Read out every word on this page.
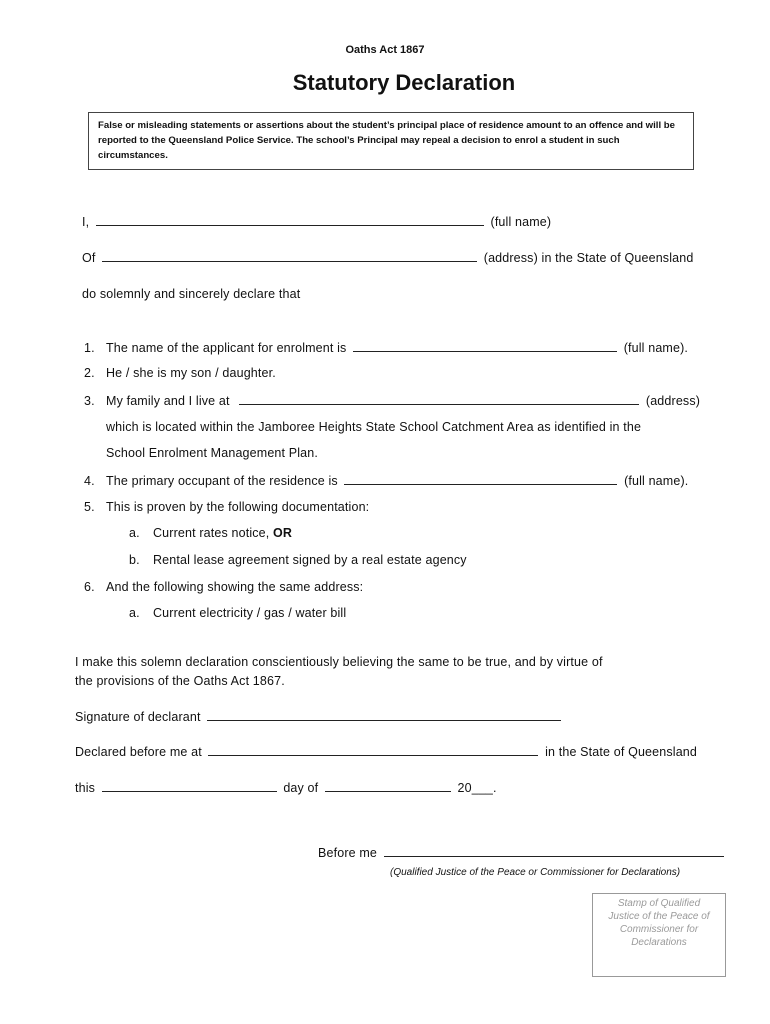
Oaths Act 1867
Statutory Declaration
False or misleading statements or assertions about the student’s principal place of residence amount to an offence and will be reported to the Queensland Police Service. The school’s Principal may repeal a decision to enrol a student in such circumstances.
I,	(full name)
Of	(address) in the State of Queensland
do solemnly and sincerely declare that
1. The name of the applicant for enrolment is	(full name).
2. He / she is my son / daughter.
3. My family and I live at	(address)
which is located within the Jamboree Heights State School Catchment Area as identified in the
School Enrolment Management Plan.
4. The primary occupant of the residence is	(full name).
5. This is proven by the following documentation:
a. Current rates notice, OR
b. Rental lease agreement signed by a real estate agency
6. And the following showing the same address:
a. Current electricity / gas / water bill
I make this solemn declaration conscientiously believing the same to be true, and by virtue of
the provisions of the Oaths Act 1867.
Signature of declarant
Declared before me at	in the State of Queensland
this	day of	20___.
Before me
(Qualified Justice of the Peace or Commissioner for Declarations)
Stamp of Qualified Justice of the Peace of Commissioner for Declarations
